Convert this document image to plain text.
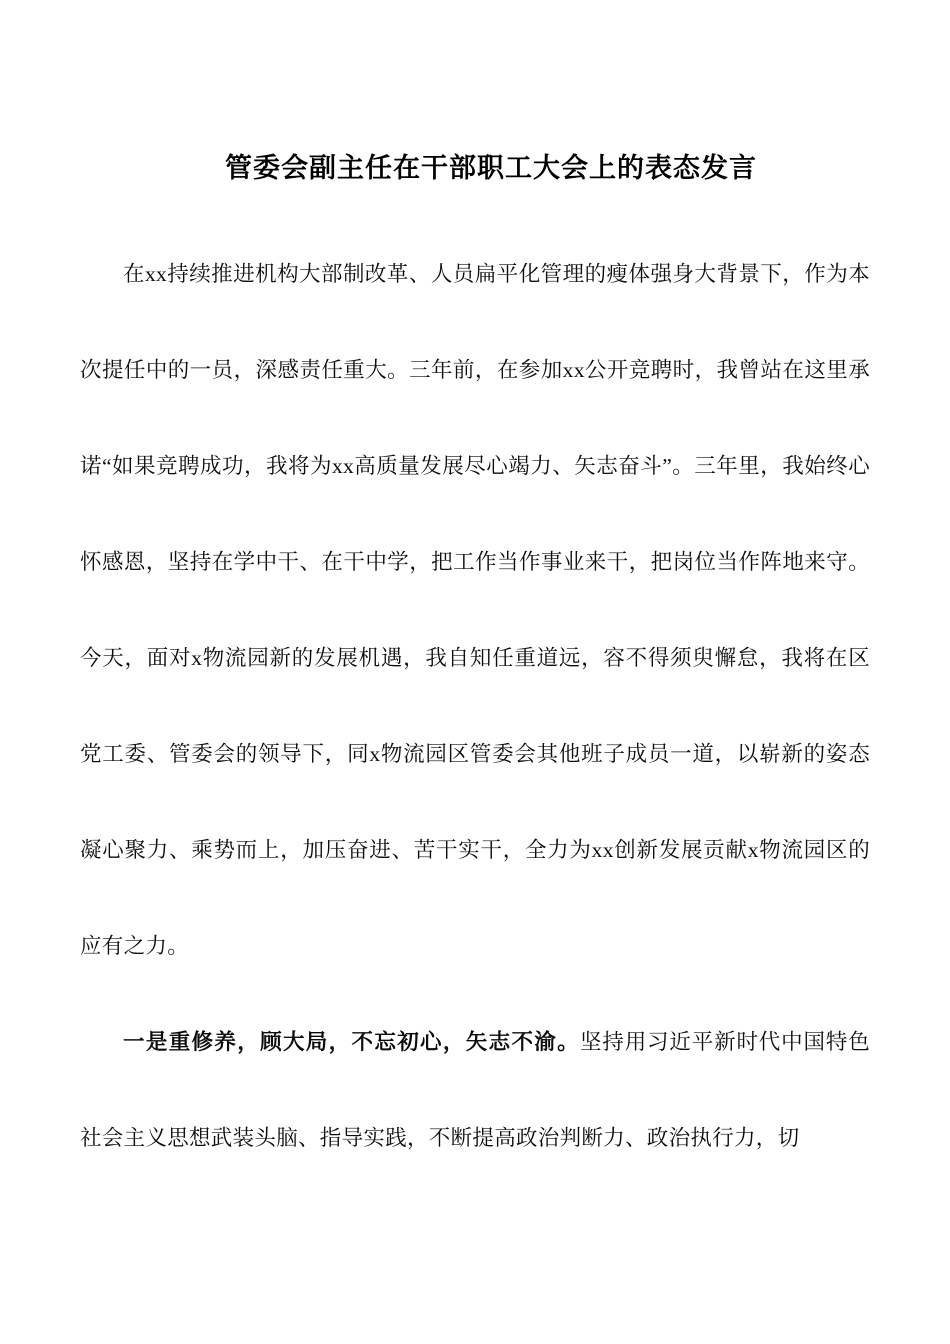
管委会副主任在干部职工大会上的表态发言

在xx持续推进机构大部制改革、人员扁平化管理的瘦体强身大背景下，作为本次提任中的一员，深感责任重大。三年前，在参加xx公开竞聘时，我曾站在这里承诺“如果竞聘成功，我将为xx高质量发展尽心竭力、矢志奋斗”。三年里，我始终心怀感恩，坚持在学中干、在干中学，把工作当作事业来干，把岗位当作阵地来守。今天，面对x物流园新的发展机遇，我自知任重道远，容不得须臾懈怠，我将在区党工委、管委会的领导下，同x物流园区管委会其他班子成员一道，以崭新的姿态凝心聚力、乘势而上，加压奋进、苦干实干，全力为xx创新发展贡献x物流园区的应有之力。

一是重修养，顾大局，不忘初心，矢志不渝。坚持用习近平新时代中国特色社会主义思想武装头脑、指导实践，不断提高政治判断力、政治执行力，切
